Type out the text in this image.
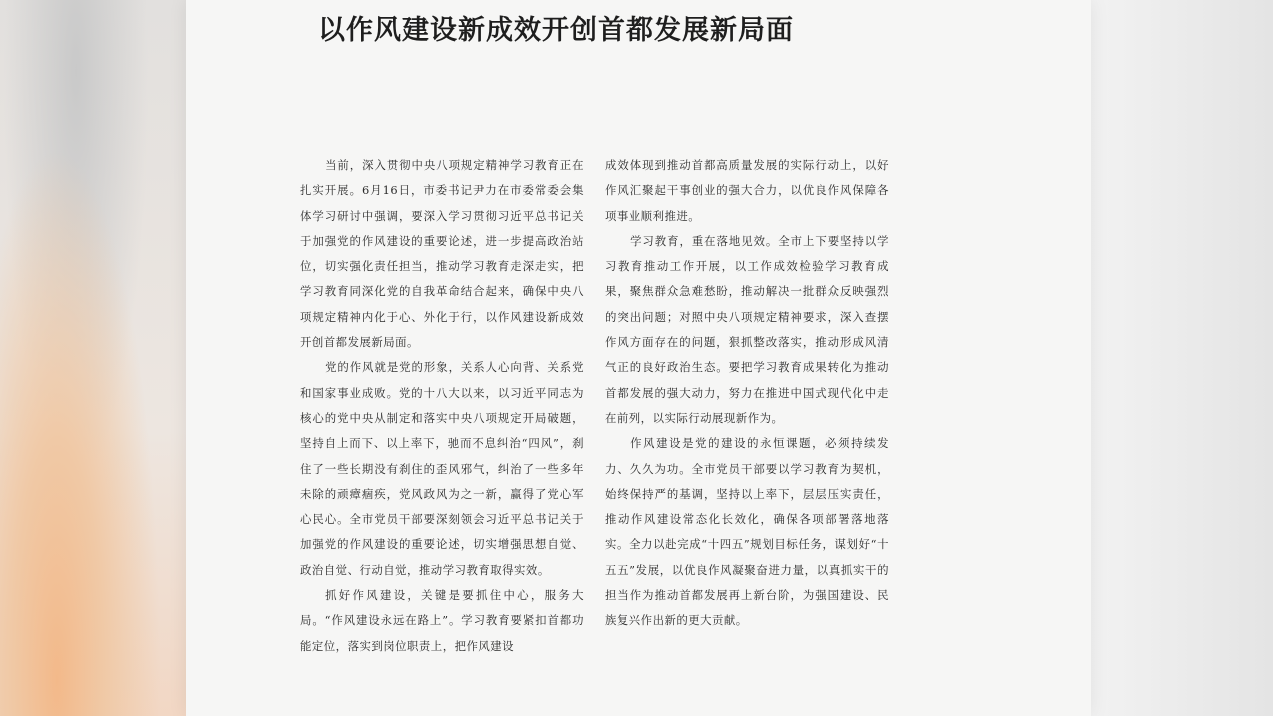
以作风建设新成效开创首都发展新局面

当前，深入贯彻中央八项规定精神学习教育正在扎实开展。6月16日，市委书记尹力在市委常委会集体学习研讨中强调，要深入学习贯彻习近平总书记关于加强党的作风建设的重要论述，进一步提高政治站位，切实强化责任担当，推动学习教育走深走实，把学习教育同深化党的自我革命结合起来，确保中央八项规定精神内化于心、外化于行，以作风建设新成效开创首都发展新局面。

党的作风就是党的形象，关系人心向背、关系党和国家事业成败。党的十八大以来，以习近平同志为核心的党中央从制定和落实中央八项规定开局破题，坚持自上而下、以上率下，驰而不息纠治“四风”，刹住了一些长期没有刹住的歪风邪气，纠治了一些多年未除的顽瘴痼疾，党风政风为之一新，赢得了党心军心民心。全市党员干部要深刻领会习近平总书记关于加强党的作风建设的重要论述，切实增强思想自觉、政治自觉、行动自觉，推动学习教育取得实效。

抓好作风建设，关键是要抓住中心，服务大局。“作风建设永远在路上”。学习教育要紧扣首都功能定位，落实到岗位职责上，把作风建设

成效体现到推动首都高质量发展的实际行动上，以好作风汇聚起干事创业的强大合力，以优良作风保障各项事业顺利推进。

学习教育，重在落地见效。全市上下要坚持以学习教育推动工作开展，以工作成效检验学习教育成果，聚焦群众急难愁盼，推动解决一批群众反映强烈的突出问题；对照中央八项规定精神要求，深入查摆作风方面存在的问题，狠抓整改落实，推动形成风清气正的良好政治生态。要把学习教育成果转化为推动首都发展的强大动力，努力在推进中国式现代化中走在前列，以实际行动展现新作为。

作风建设是党的建设的永恒课题，必须持续发力、久久为功。全市党员干部要以学习教育为契机，始终保持严的基调，坚持以上率下，层层压实责任，推动作风建设常态化长效化，确保各项部署落地落实。全力以赴完成“十四五”规划目标任务，谋划好“十五五”发展，以优良作风凝聚奋进力量，以真抓实干的担当作为推动首都发展再上新台阶，为强国建设、民族复兴作出新的更大贡献。
